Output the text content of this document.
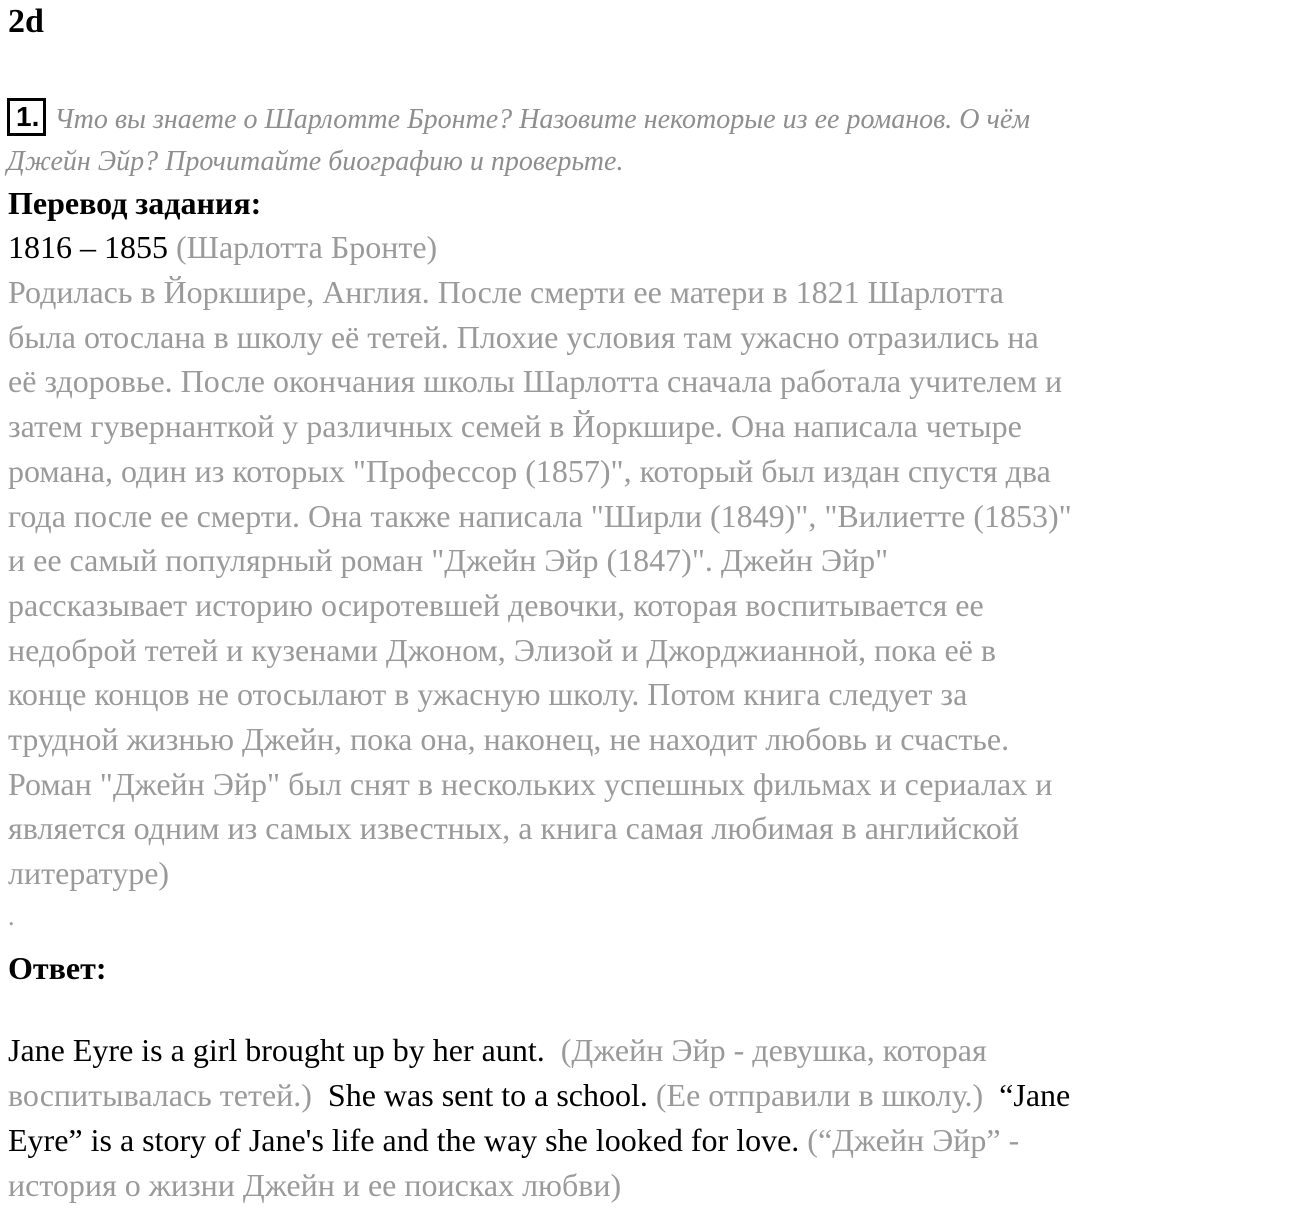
2d
1. Что вы знаете о Шарлотте Бронте? Назовите некоторые из ее романов. О чём
Джейн Эйр? Прочитайте биографию и проверьте.
Перевод задания:
1816 – 1855 (Шарлотта Бронте)
Родилась в Йоркшире, Англия. После смерти ее матери в 1821 Шарлотта
была отослана в школу её тетей. Плохие условия там ужасно отразились на
её здоровье. После окончания школы Шарлотта сначала работала учителем и
затем гувернанткой у различных семей в Йоркшире. Она написала четыре
романа, один из которых "Профессор (1857)", который был издан спустя два
года после ее смерти. Она также написала "Ширли (1849)", "Вилиетте (1853)"
и ее самый популярный роман "Джейн Эйр (1847)". Джейн Эйр"
рассказывает историю осиротевшей девочки, которая воспитывается ее
недоброй тетей и кузенами Джоном, Элизой и Джорджианной, пока её в
конце концов не отосылают в ужасную школу. Потом книга следует за
трудной жизнью Джейн, пока она, наконец, не находит любовь и счастье.
Роман "Джейн Эйр" был снят в нескольких успешных фильмах и сериалах и
является одним из самых известных, а книга самая любимая в английской
литературе)
.
Ответ:
Jane Eyre is a girl brought up by her aunt. (Джейн Эйр - девушка, которая
воспитывалась тетей.) She was sent to a school. (Ее отправили в школу.) “Jane
Eyre” is a story of Jane's life and the way she looked for love. (“Джейн Эйр” -
история о жизни Джейн и ее поисках любви)
